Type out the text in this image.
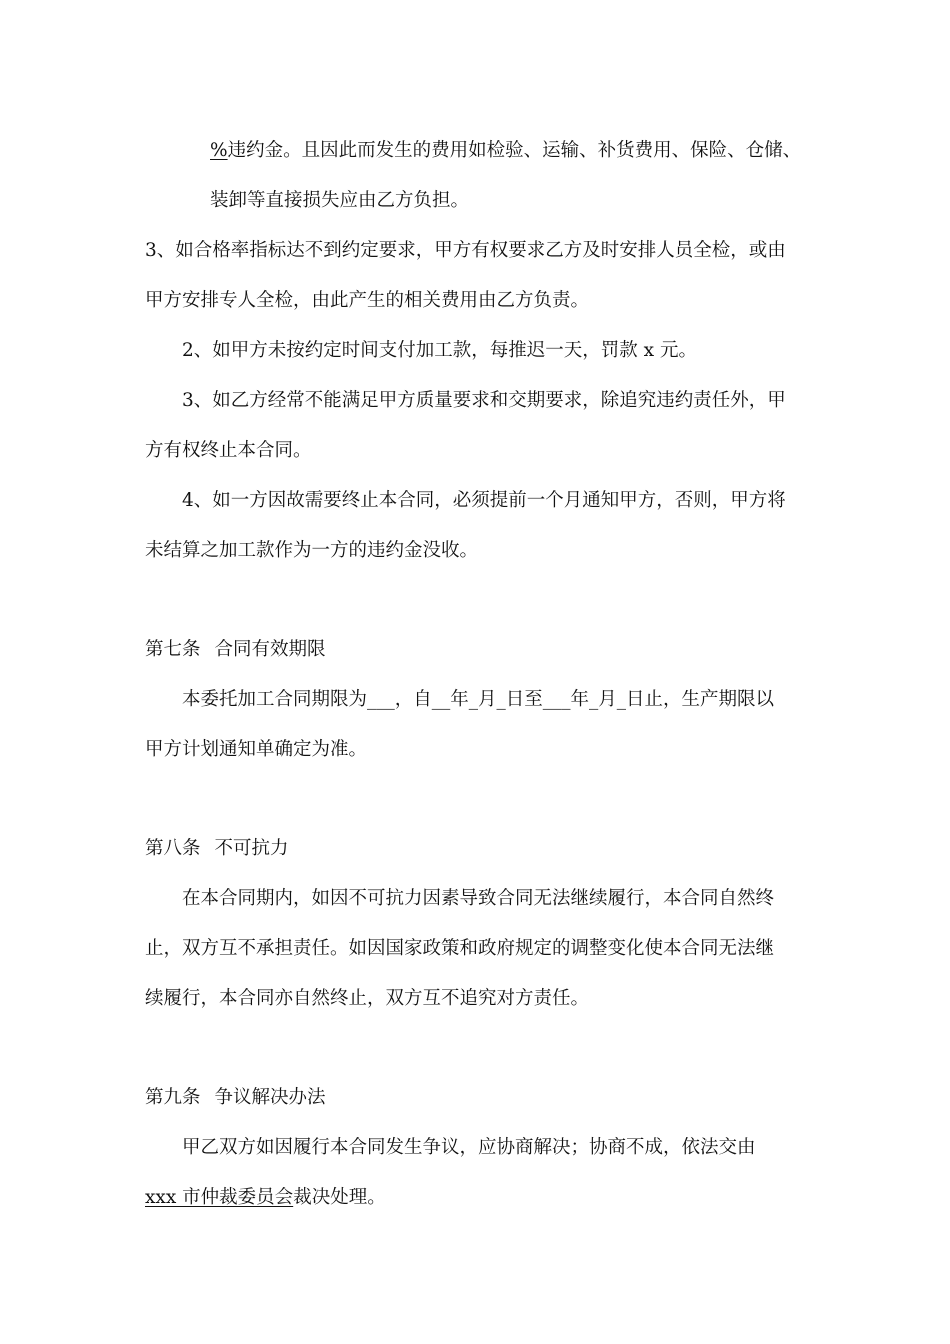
%违约金。且因此而发生的费用如检验、运输、补货费用、保险、仓储、

装卸等直接损失应由乙方负担。

3、如合格率指标达不到约定要求，甲方有权要求乙方及时安排人员全检，或由

甲方安排专人全检，由此产生的相关费用由乙方负责。

2、如甲方未按约定时间支付加工款，每推迟一天，罚款 x 元。

3、如乙方经常不能满足甲方质量要求和交期要求，除追究违约责任外，甲

方有权终止本合同。

4、如一方因故需要终止本合同，必须提前一个月通知甲方，否则，甲方将

未结算之加工款作为一方的违约金没收。

第七条 合同有效期限

本委托加工合同期限为___，自__年_月_日至___年_月_日止，生产期限以

甲方计划通知单确定为准。

第八条 不可抗力

在本合同期内，如因不可抗力因素导致合同无法继续履行，本合同自然终

止，双方互不承担责任。如因国家政策和政府规定的调整变化使本合同无法继

续履行，本合同亦自然终止，双方互不追究对方责任。

第九条 争议解决办法

甲乙双方如因履行本合同发生争议，应协商解决；协商不成，依法交由

xxx 市仲裁委员会裁决处理。
